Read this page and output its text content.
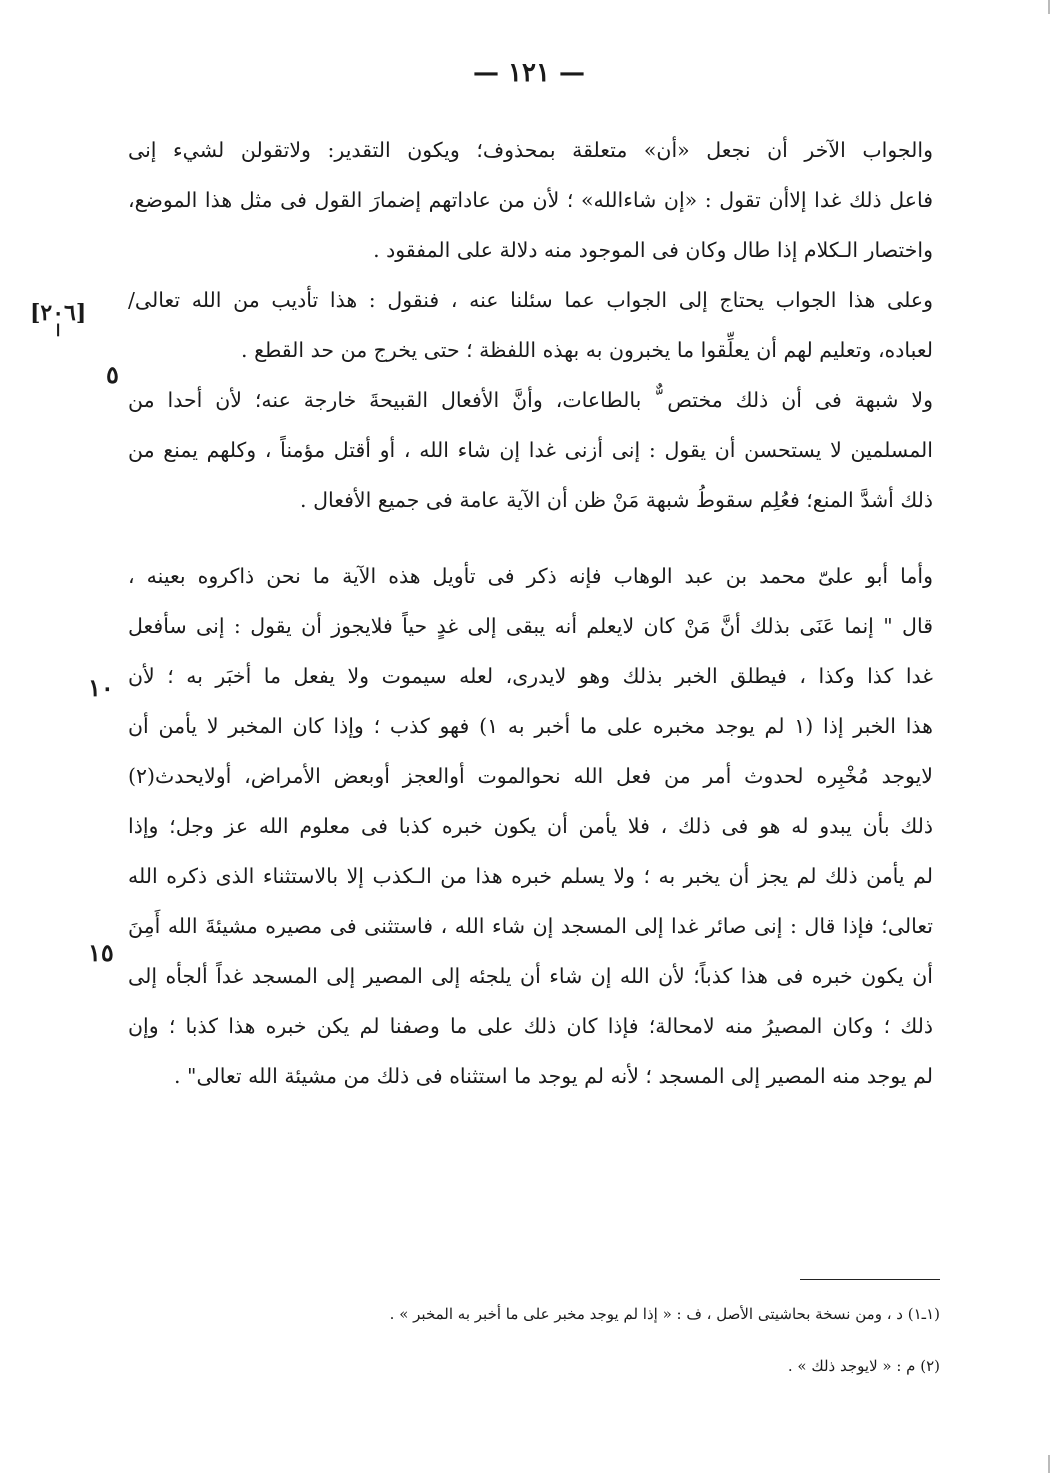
— ١٢١ —
[٢٠٦]
ا
٥
١٠
١٥
والجواب الآخر أن نجعل «أن» متعلقة بمحذوف؛ ويكون التقدير: ولاتقولن لشيء إنى
فاعل ذلك غدا إلاأن تقول : «إن شاءالله» ؛ لأن من عاداتهم إضمارَ القول فى مثل هذا الموضع،
واختصار الـكلام إذا طال وكان فى الموجود منه دلالة على المفقود .
وعلى هذا الجواب يحتاج إلى الجواب عما سئلنا عنه ، فنقول : هذا تأديب من الله تعالى/
لعباده، وتعليم لهم أن يعلِّقوا ما يخبرون به بهذه اللفظة ؛ حتى يخرج من حد القطع .
ولا شبهة فى أن ذلك مختص ٌّ بالطاعات، وأنَّ الأفعال القبيحةَ خارجة عنه؛ لأن أحدا من
المسلمين لا يستحسن أن يقول : إنى أزنى غدا إن شاء الله ، أو أقتل مؤمناً ، وكلهم يمنع من
ذلك أشدَّ المنع؛ فعُلِم سقوطُ شبهة مَنْ ظن أن الآية عامة فى جميع الأفعال .
وأما أبو علىّ محمد بن عبد الوهاب فإنه ذكر فى تأويل هذه الآية ما نحن ذاكروه بعينه ،
قال " إنما عَنَى بذلك أنَّ مَنْ كان لايعلم أنه يبقى إلى غدٍ حياً فلايجوز أن يقول : إنى سأفعل
غدا كذا وكذا ، فيطلق الخبر بذلك وهو لايدرى، لعله سيموت ولا يفعل ما أخبَر به ؛ لأن
هذا الخبر إذا (١ لم يوجد مخبره على ما أخبر به ١) فهو كذب ؛ وإذا كان المخبر لا يأمن أن
لايوجد مُخْبِره لحدوث أمر من فعل الله نحوالموت أوالعجز أوبعض الأمراض، أولايحدث(٢)
ذلك بأن يبدو له هو فى ذلك ، فلا يأمن أن يكون خبره كذبا فى معلوم الله عز وجل؛ وإذا
لم يأمن ذلك لم يجز أن يخبر به ؛ ولا يسلم خبره هذا من الـكذب إلا بالاستثناء الذى ذكره الله
تعالى؛ فإذا قال : إنى صائر غدا إلى المسجد إن شاء الله ، فاستثنى فى مصيره مشيئةَ الله أَمِنَ
أن يكون خبره فى هذا كذباً؛ لأن الله إن شاء أن يلجئه إلى المصير إلى المسجد غداً ألجأه إلى
ذلك ؛ وكان المصيرُ منه لامحالة؛ فإذا كان ذلك على ما وصفنا لم يكن خبره هذا كذبا ؛ وإن
لم يوجد منه المصير إلى المسجد ؛ لأنه لم يوجد ما استثناه فى ذلك من مشيئة الله تعالى" .
(١ـ١) د ، ومن نسخة بحاشيتى الأصل ، ف : « إذا لم يوجد مخبر على ما أخبر به المخبر » .
(٢) م : « لايوجد ذلك » .
